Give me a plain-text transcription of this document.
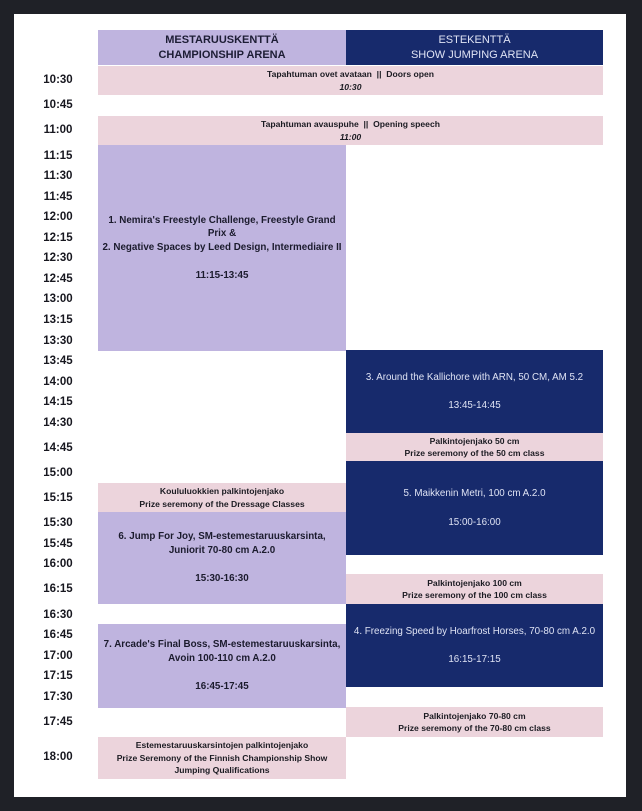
MESTARUUSKENTTÄ
CHAMPIONSHIP ARENA
ESTEKENTTÄ
SHOW JUMPING ARENA
10:30
10:45
11:00
11:15
11:30
11:45
12:00
12:15
12:30
12:45
13:00
13:15
13:30
13:45
14:00
14:15
14:30
14:45
15:00
15:15
15:30
15:45
16:00
16:15
16:30
16:45
17:00
17:15
17:30
17:45
18:00
Tapahtuman ovet avataan || Doors open
10:30
Tapahtuman avauspuhe || Opening speech
11:00
1. Nemira's Freestyle Challenge, Freestyle Grand Prix &
2. Negative Spaces by Leed Design, Intermediaire II
11:15-13:45
3. Around the Kallichore with ARN, 50 CM, AM 5.2
13:45-14:45
Palkintojenjako 50 cm
Prize seremony of the 50 cm class
5. Maikkenin Metri, 100 cm A.2.0
15:00-16:00
Koululuokkien palkintojenjako
Prize seremony of the Dressage Classes
6. Jump For Joy, SM-estemestaruuskarsinta, Juniorit 70-80 cm A.2.0
15:30-16:30	Palkintojenjako 100 cm
Prize seremony of the 100 cm class
4. Freezing Speed by Hoarfrost Horses, 70-80 cm A.2.0
16:15-17:15
7. Arcade's Final Boss, SM-estemestaruuskarsinta, Avoin 100-110 cm A.2.0
16:45-17:45
Palkintojenjako 70-80 cm
Prize seremony of the 70-80 cm class
Estemestaruuskarsintojen palkintojenjako
Prize Seremony of the Finnish Championship Show Jumping Qualifications
